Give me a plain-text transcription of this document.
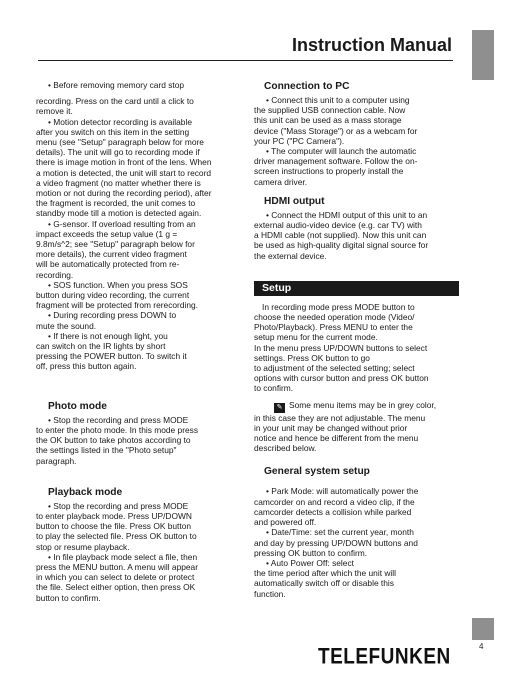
Instruction Manual

• Before removing memory card stop

recording. Press on the card until a click to

remove it.

• Motion detector recording is available

after you switch on this item in the setting

menu (see "Setup" paragraph below for more

details). The unit will go to recording mode if

there is image motion in front of the lens. When

a motion is detected, the unit will start to record

a video fragment (no matter whether there is

motion or not during the recording period), after

the fragment is recorded, the unit comes to

standby mode till a motion is detected again.

• G-sensor. If overload resulting from an

impact exceeds the setup value (1 g =

9.8m/s^2; see "Setup" paragraph below for

more details), the current video fragment

will be automatically protected from re-

recording.

• SOS function. When you press SOS

button during video recording, the current

fragment will be protected from rerecording.

• During recording press DOWN to

mute the sound.

• If there is not enough light, you

can switch on the IR lights by short

pressing the POWER button. To switch it

off, press this button again.

Photo mode

• Stop the recording and press MODE

to enter the photo mode. In this mode press

the OK button to take photos according to

the settings listed in the "Photo setup"

paragraph.

Playback mode

• Stop the recording and press MODE

to enter playback mode. Press UP/DOWN

button to choose the file. Press OK button

to play the selected file. Press OK button to

stop or resume playback.

• In file playback mode select a file, then

press the MENU button. A menu will appear

in which you can select to delete or protect

the file. Select either option, then press OK

button to confirm.

Connection to PC

• Connect this unit to a computer using

the supplied USB connection cable. Now

this unit can be used as a mass storage

device ("Mass Storage") or as a webcam for

your PC ("PC Camera").

• The computer will launch the automatic

driver management software. Follow the on-

screen instructions to properly install the

camera driver.

HDMI output

• Connect the HDMI output of this unit to an

external audio-video device (e.g. car TV) with

a HDMI cable (not supplied). Now this unit can

be used as high-quality digital signal source for

the external device.

Setup

In recording mode press MODE button to

choose the needed operation mode (Video/

Photo/Playback). Press MENU to enter the

setup menu for the current mode.

In the menu press UP/DOWN buttons to select

settings. Press OK button to go

to adjustment of the selected setting; select

options with cursor button and press OK button

to confirm.

✎ Some menu items may be in grey color,

in this case they are not adjustable. The menu

in your unit may be changed without prior

notice and hence be different from the menu

described below.

General system setup

• Park Mode: will automatically power the

camcorder on and record a video clip, if the

camcorder detects a collision while parked

and powered off.

• Date/Time: set the current year, month

and day by pressing UP/DOWN buttons and

pressing OK button to confirm.

• Auto Power Off: select

the time period after which the unit will

automatically switch off or disable this

function.

TELEFUNKEN	4
